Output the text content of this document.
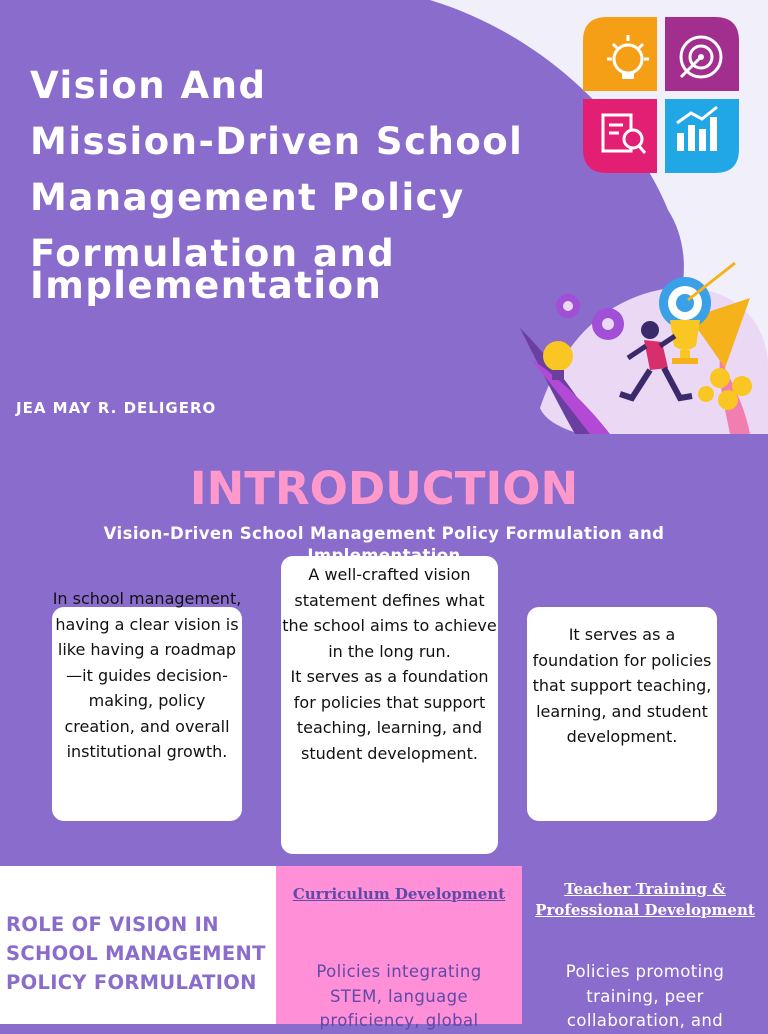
Vision And
Mission-Driven School
Management Policy
Formulation and
Implementation
JEA MAY R. DELIGERO
INTRODUCTION
Vision-Driven School Management Policy Formulation and

In school management, having a clear vision is like having a roadmap—it guides decision-making, policy creation, and overall institutional growth.

A well-crafted vision statement defines what the school aims to achieve in the long run.
It serves as a foundation for policies that support teaching, learning, and student development.

It serves as a foundation for policies that support teaching, learning, and student development.

ROLE OF VISION IN SCHOOL MANAGEMENT POLICY FORMULATION
Curriculum Development

Policies integrating STEM, language proficiency, global

Teacher Training & Professional Development

Policies promoting training, peer collaboration, and
